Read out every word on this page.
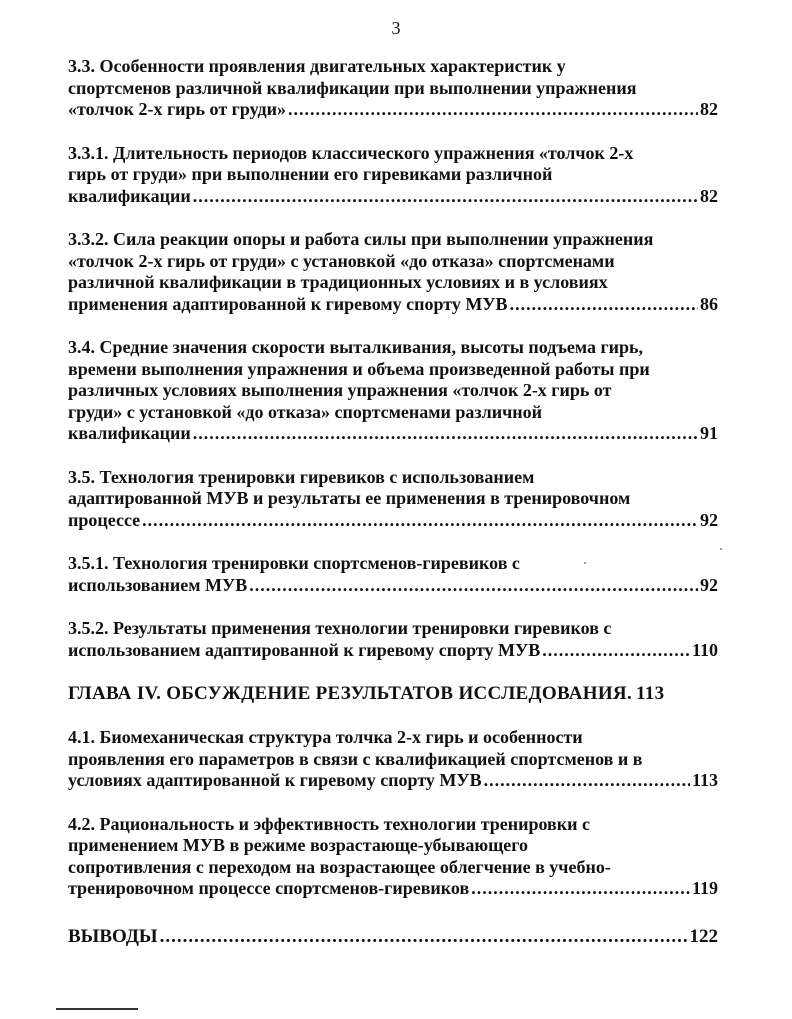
3
3.3. Особенности проявления двигательных характеристик у
спортсменов различной квалификации при выполнении упражнения
«толчок 2-х гирь от груди» .....	82
3.3.1. Длительность периодов классического упражнения «толчок 2-х
гирь от груди» при выполнении его гиревиками различной
квалификации .....	82
3.3.2. Сила реакции опоры и работа силы при выполнении упражнения
«толчок 2-х гирь от груди» с установкой «до отказа» спортсменами
различной квалификации в традиционных условиях и в условиях
применения адаптированной к гиревому спорту МУВ .....	86
3.4. Средние значения скорости выталкивания, высоты подъема гирь,
времени выполнения упражнения и объема произведенной работы при
различных условиях выполнения упражнения «толчок 2-х гирь от
груди» с установкой «до отказа» спортсменами различной
квалификации .....	91
3.5. Технология тренировки гиревиков с использованием
адаптированной МУВ и результаты ее применения в тренировочном
процессе .....	92
3.5.1. Технология тренировки спортсменов-гиревиков с
использованием МУВ .....	92
3.5.2. Результаты применения технологии тренировки гиревиков с
использованием адаптированной к гиревому спорту МУВ .....	110
ГЛАВА IV. ОБСУЖДЕНИЕ РЕЗУЛЬТАТОВ ИССЛЕДОВАНИЯ. 113
4.1. Биомеханическая структура толчка 2-х гирь и особенности
проявления его параметров в связи с квалификацией спортсменов и в
условиях адаптированной к гиревому спорту МУВ .....	113
4.2. Рациональность и эффективность технологии тренировки с
применением МУВ в режиме возрастающе-убывающего
сопротивления с переходом на возрастающее облегчение в учебно-
тренировочном процессе спортсменов-гиревиков .....	119
ВЫВОДЫ .....	122
